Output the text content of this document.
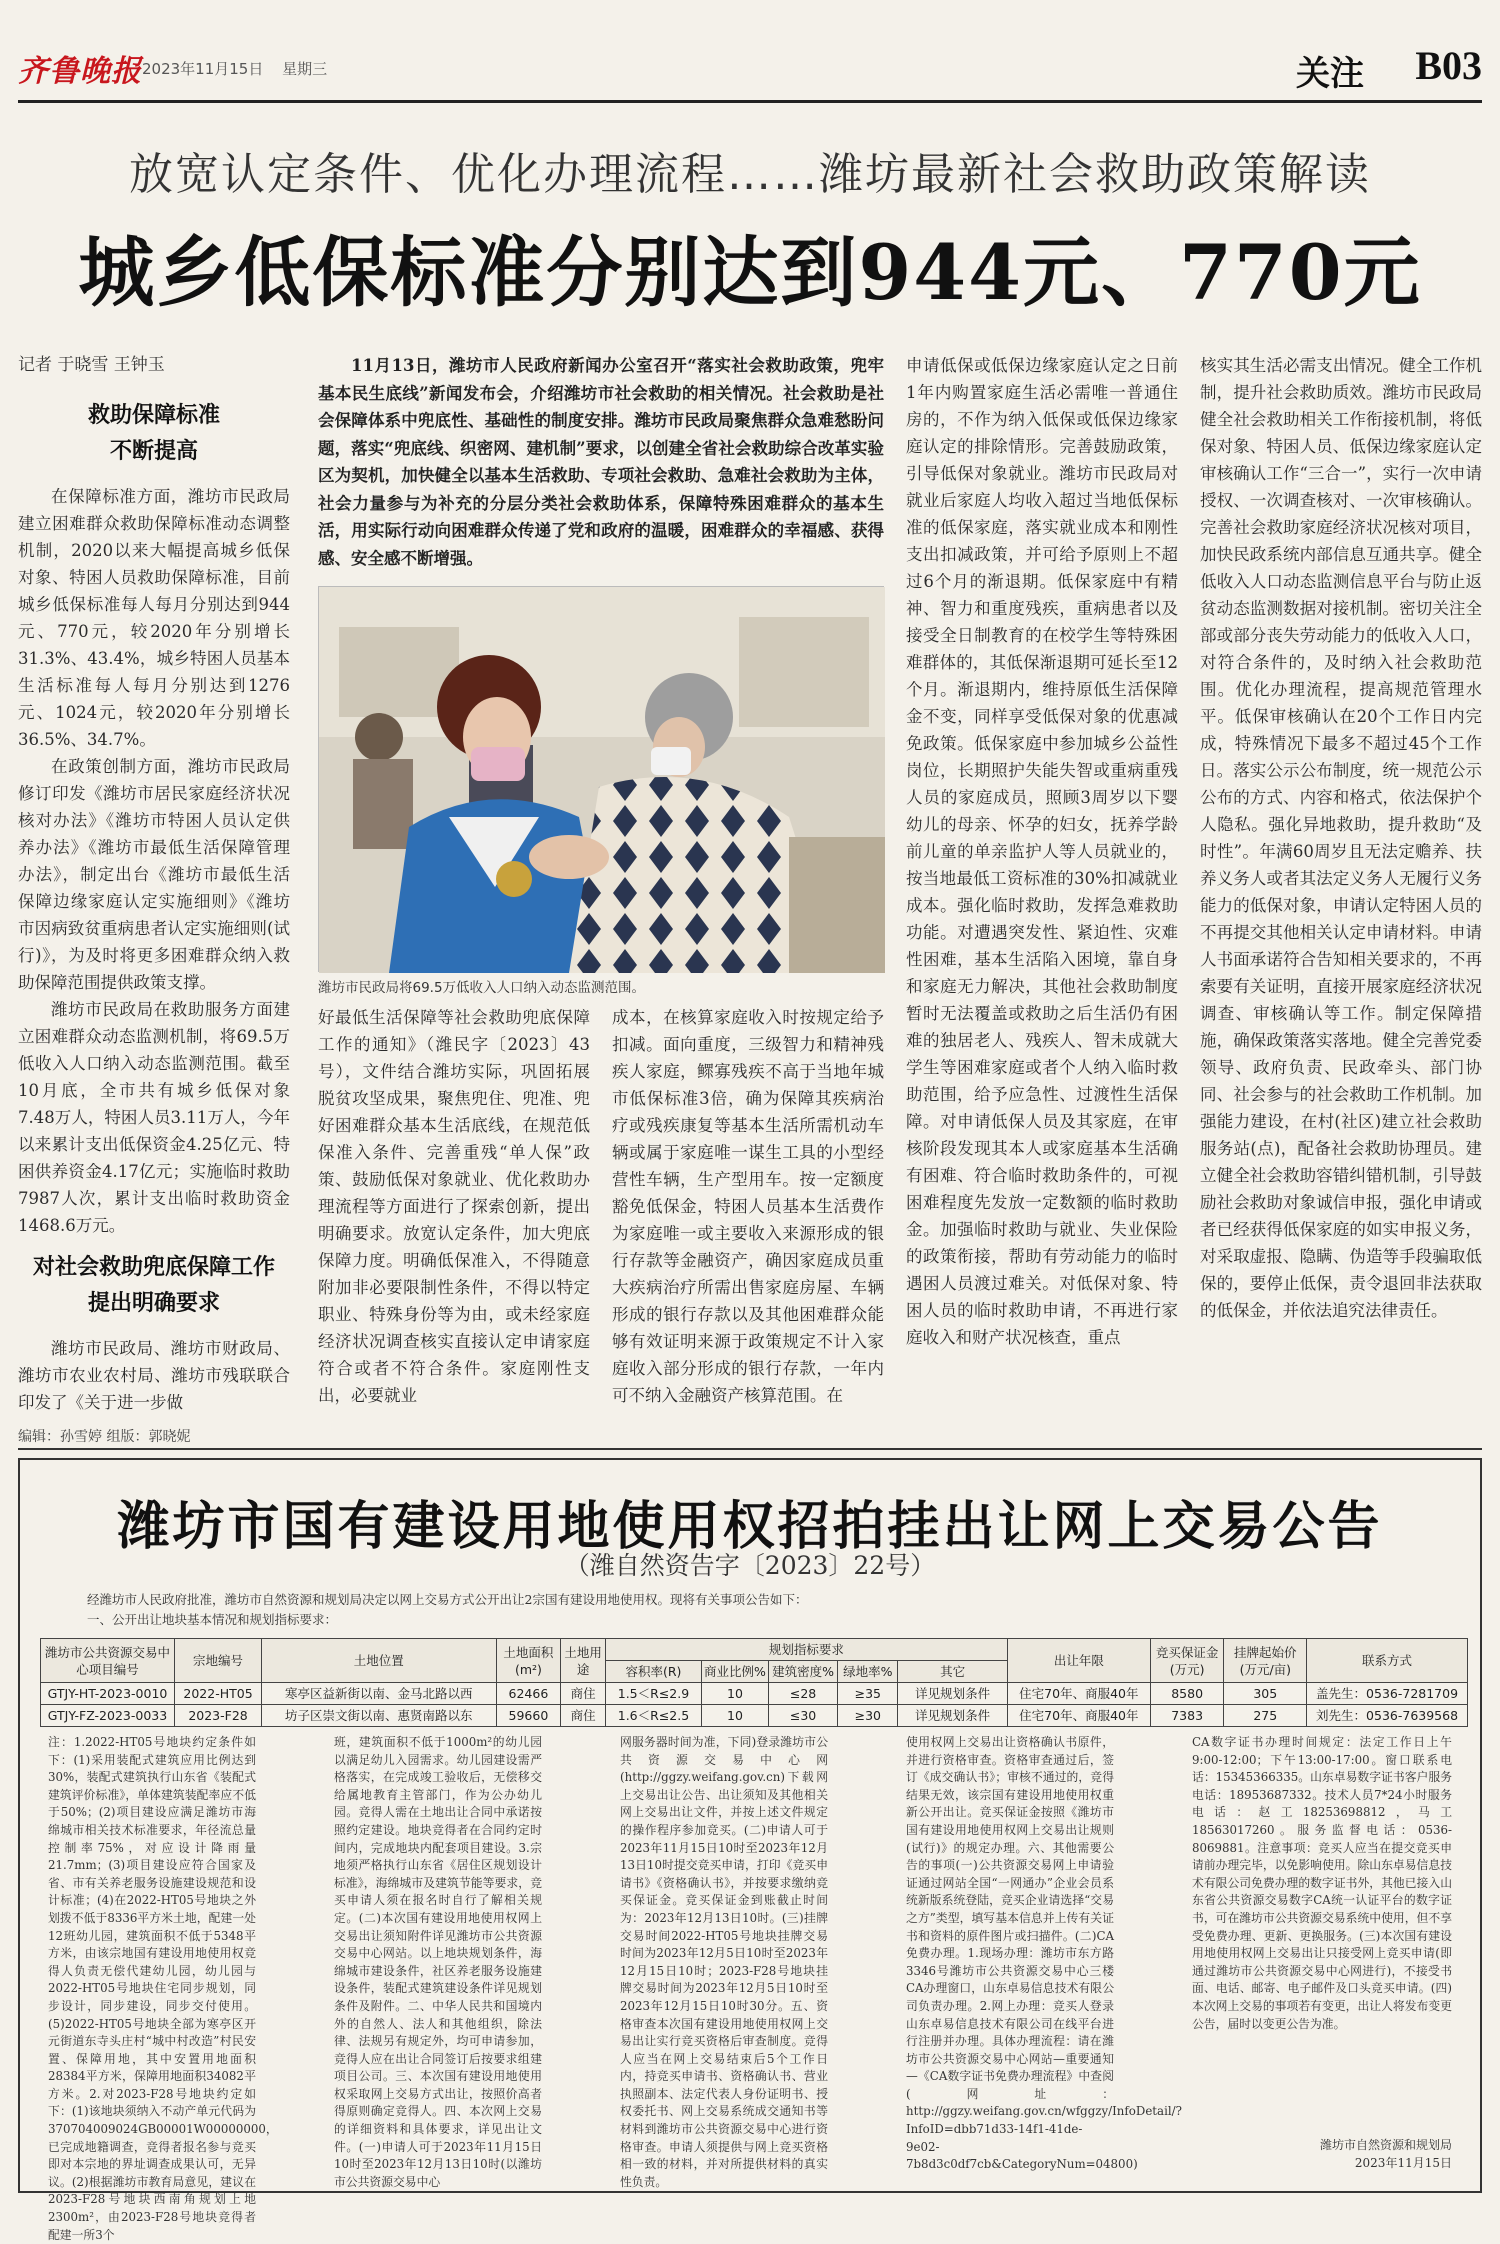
齐鲁晚报 2023年11月15日 星期三	关注 B03
放宽认定条件、优化办理流程……潍坊最新社会救助政策解读
城乡低保标准分别达到944元、770元

记者 于晓雪 王钟玉

救助保障标准
不断提高

在保障标准方面，潍坊市民政局建立困难群众救助保障标准动态调整机制，2020以来大幅提高城乡低保对象、特困人员救助保障标准，目前城乡低保标准每人每月分别达到944元、770元，较2020年分别增长31.3%、43.4%，城乡特困人员基本生活标准每人每月分别达到1276元、1024元，较2020年分别增长36.5%、34.7%。

在政策创制方面，潍坊市民政局修订印发《潍坊市居民家庭经济状况核对办法》《潍坊市特困人员认定供养办法》《潍坊市最低生活保障管理办法》，制定出台《潍坊市最低生活保障边缘家庭认定实施细则》《潍坊市因病致贫重病患者认定实施细则(试行)》，为及时将更多困难群众纳入救助保障范围提供政策支撑。

潍坊市民政局在救助服务方面建立困难群众动态监测机制，将69.5万低收入人口纳入动态监测范围。截至10月底，全市共有城乡低保对象7.48万人，特困人员3.11万人，今年以来累计支出低保资金4.25亿元、特困供养资金4.17亿元；实施临时救助7987人次，累计支出临时救助资金1468.6万元。

对社会救助兜底保障工作
提出明确要求

潍坊市民政局、潍坊市财政局、潍坊市农业农村局、潍坊市残联联合印发了《关于进一步做

11月13日，潍坊市人民政府新闻办公室召开“落实社会救助政策，兜牢基本民生底线”新闻发布会，介绍潍坊市社会救助的相关情况。社会救助是社会保障体系中兜底性、基础性的制度安排。潍坊市民政局聚焦群众急难愁盼问题，落实“兜底线、织密网、建机制”要求，以创建全省社会救助综合改革实验区为契机，加快健全以基本生活救助、专项社会救助、急难社会救助为主体，社会力量参与为补充的分层分类社会救助体系，保障特殊困难群众的基本生活，用实际行动向困难群众传递了党和政府的温暖，困难群众的幸福感、获得感、安全感不断增强。

潍坊市民政局将69.5万低收入人口纳入动态监测范围。

好最低生活保障等社会救助兜底保障工作的通知》（潍民字〔2023〕43号），文件结合潍坊实际，巩固拓展脱贫攻坚成果，聚焦兜住、兜准、兜好困难群众基本生活底线，在规范低保准入条件、完善重残“单人保”政策、鼓励低保对象就业、优化救助办理流程等方面进行了探索创新，提出明确要求。放宽认定条件，加大兜底保障力度。明确低保准入，不得随意附加非必要限制性条件，不得以特定职业、特殊身份等为由，或未经家庭经济状况调查核实直接认定申请家庭符合或者不符合条件。家庭刚性支出，必要就业

成本，在核算家庭收入时按规定给予扣减。面向重度，三级智力和精神残疾人家庭，鳏寡残疾不高于当地年城市低保标准3倍，确为保障其疾病治疗或残疾康复等基本生活所需机动车辆或属于家庭唯一谋生工具的小型经营性车辆，生产型用车。按一定额度豁免低保金，特困人员基本生活费作为家庭唯一或主要收入来源形成的银行存款等金融资产，确因家庭成员重大疾病治疗所需出售家庭房屋、车辆形成的银行存款以及其他困难群众能够有效证明来源于政策规定不计入家庭收入部分形成的银行存款，一年内可不纳入金融资产核算范围。在

申请低保或低保边缘家庭认定之日前1年内购置家庭生活必需唯一普通住房的，不作为纳入低保或低保边缘家庭认定的排除情形。完善鼓励政策，引导低保对象就业。潍坊市民政局对就业后家庭人均收入超过当地低保标准的低保家庭，落实就业成本和刚性支出扣减政策，并可给予原则上不超过6个月的渐退期。低保家庭中有精神、智力和重度残疾，重病患者以及接受全日制教育的在校学生等特殊困难群体的，其低保渐退期可延长至12个月。渐退期内，维持原低生活保障金不变，同样享受低保对象的优惠减免政策。低保家庭中参加城乡公益性岗位，长期照护失能失智或重病重残人员的家庭成员，照顾3周岁以下婴幼儿的母亲、怀孕的妇女，抚养学龄前儿童的单亲监护人等人员就业的，按当地最低工资标准的30%扣减就业成本。强化临时救助，发挥急难救助功能。对遭遇突发性、紧迫性、灾难性困难，基本生活陷入困境，靠自身和家庭无力解决，其他社会救助制度暂时无法覆盖或救助之后生活仍有困难的独居老人、残疾人、智未成就大学生等困难家庭或者个人纳入临时救助范围，给予应急性、过渡性生活保障。对申请低保人员及其家庭，在审核阶段发现其本人或家庭基本生活确有困难、符合临时救助条件的，可视困难程度先发放一定数额的临时救助金。加强临时救助与就业、失业保险的政策衔接，帮助有劳动能力的临时遇困人员渡过难关。对低保对象、特困人员的临时救助申请，不再进行家庭收入和财产状况核查，重点

核实其生活必需支出情况。健全工作机制，提升社会救助质效。潍坊市民政局健全社会救助相关工作衔接机制，将低保对象、特困人员、低保边缘家庭认定审核确认工作“三合一”，实行一次申请授权、一次调查核对、一次审核确认。完善社会救助家庭经济状况核对项目，加快民政系统内部信息互通共享。健全低收入人口动态监测信息平台与防止返贫动态监测数据对接机制。密切关注全部或部分丧失劳动能力的低收入人口，对符合条件的，及时纳入社会救助范围。优化办理流程，提高规范管理水平。低保审核确认在20个工作日内完成，特殊情况下最多不超过45个工作日。落实公示公布制度，统一规范公示公布的方式、内容和格式，依法保护个人隐私。强化异地救助，提升救助“及时性”。年满60周岁且无法定赡养、扶养义务人或者其法定义务人无履行义务能力的低保对象，申请认定特困人员的不再提交其他相关认定申请材料。申请人书面承诺符合告知相关要求的，不再索要有关证明，直接开展家庭经济状况调查、审核确认等工作。制定保障措施，确保政策落实落地。健全完善党委领导、政府负责、民政牵头、部门协同、社会参与的社会救助工作机制。加强能力建设，在村(社区)建立社会救助服务站(点)，配备社会救助协理员。建立健全社会救助容错纠错机制，引导鼓励社会救助对象诚信申报，强化申请或者已经获得低保家庭的如实申报义务，对采取虚报、隐瞒、伪造等手段骗取低保的，要停止低保，责令退回非法获取的低保金，并依法追究法律责任。

编辑：孙雪婷 组版：郭晓妮
潍坊市国有建设用地使用权招拍挂出让网上交易公告
（潍自然资告字〔2023〕22号）
经潍坊市人民政府批准，潍坊市自然资源和规划局决定以网上交易方式公开出让2宗国有建设用地使用权。现将有关事项公告如下：
一、公开出让地块基本情况和规划指标要求：
潍坊市公共资源交易中心项目编号	宗地编号	土地位置	土地面积(m²)	土地用途	规划指标要求					出让年限	竞买保证金(万元)	挂牌起始价(万元/亩)	联系方式
					容积率(R)	商业比例%	建筑密度%	绿地率%	其它				
GTJY-HT-2023-0010	2022-HT05	寒亭区益新街以南、金马北路以西	62466	商住	1.5＜R≤2.9	10	≤28	≥35	详见规划条件	住宅70年、商服40年	8580	305	盖先生：0536-7281709
GTJY-FZ-2023-0033	2023-F28	坊子区崇文街以南、惠贤南路以东	59660	商住	1.6＜R≤2.5	10	≤30	≥30	详见规划条件	住宅70年、商服40年	7383	275	刘先生：0536-7639568

注：1.2022-HT05号地块约定条件如下：(1)采用装配式建筑应用比例达到30%，装配式建筑执行山东省《装配式建筑评价标准》，单体建筑装配率应不低于50%；(2)项目建设应满足潍坊市海绵城市相关技术标准要求，年径流总量控制率75%，对应设计降雨量21.7mm；(3)项目建设应符合国家及省、市有关养老服务设施建设规范和设计标准；(4)在2022-HT05号地块之外划拨不低于8336平方米土地，配建一处12班幼儿园，建筑面积不低于5348平方米，由该宗地国有建设用地使用权竞得人负责无偿代建幼儿园，幼儿园与2022-HT05号地块住宅同步规划，同步设计，同步建设，同步交付使用。(5)2022-HT05号地块全部为寒亭区开元街道东寺头庄村“城中村改造”村民安置、保障用地，其中安置用地面积28384平方米，保障用地面积34082平方米。2.对2023-F28号地块约定如下：(1)该地块须纳入不动产单元代码为370704009024GB00001W00000000，已完成地籍调查，竞得者报名参与竞买即对本宗地的界址调查成果认可，无异议。(2)根据潍坊市教育局意见，建议在2023-F28号地块西南角规划上地2300m²，由2023-F28号地块竞得者配建一所3个

班，建筑面积不低于1000m²的幼儿园以满足幼儿入园需求。幼儿园建设需严格落实，在完成竣工验收后，无偿移交给属地教育主管部门，作为公办幼儿园。竞得人需在土地出让合同中承诺按照约定建设。地块竞得者在合同约定时间内，完成地块内配套项目建设。3.宗地须严格执行山东省《居住区规划设计标准》，海绵城市及建筑节能等要求，竞买申请人须在报名时自行了解相关规定。(二)本次国有建设用地使用权网上交易出让须知附件详见潍坊市公共资源交易中心网站。以上地块规划条件，海绵城市建设条件，社区养老服务设施建设条件，装配式建筑建设条件详见规划条件及附件。二、中华人民共和国境内外的自然人、法人和其他组织，除法律、法规另有规定外，均可申请参加，竞得人应在出让合同签订后按要求组建项目公司。三、本次国有建设用地使用权采取网上交易方式出让，按照价高者得原则确定竞得人。四、本次网上交易的详细资料和具体要求，详见出让文件。(一)申请人可于2023年11月15日10时至2023年12月13日10时(以潍坊市公共资源交易中心

网服务器时间为准，下同)登录潍坊市公共资源交易中心网(http://ggzy.weifang.gov.cn)下载网上交易出让公告、出让须知及其他相关网上交易出让文件，并按上述文件规定的操作程序参加竞买。(二)申请人可于2023年11月15日10时至2023年12月13日10时提交竞买申请，打印《竞买申请书》《资格确认书》，并按要求缴纳竞买保证金。竞买保证金到账截止时间为：2023年12月13日10时。(三)挂牌交易时间2022-HT05号地块挂牌交易时间为2023年12月5日10时至2023年12月15日10时；2023-F28号地块挂牌交易时间为2023年12月5日10时至2023年12月15日10时30分。五、资格审查本次国有建设用地使用权网上交易出让实行竞买资格后审查制度。竞得人应当在网上交易结束后5个工作日内，持竞买申请书、资格确认书、营业执照副本、法定代表人身份证明书、授权委托书、网上交易系统成交通知书等材料到潍坊市公共资源交易中心进行资格审查。申请人须提供与网上竞买资格相一致的材料，并对所提供材料的真实性负责。

使用权网上交易出让资格确认书原件，并进行资格审查。资格审查通过后，签订《成交确认书》；审核不通过的，竞得结果无效，该宗国有建设用地使用权重新公开出让。竞买保证金按照《潍坊市国有建设用地使用权网上交易出让规则(试行)》的规定办理。六、其他需要公告的事项(一)公共资源交易网上申请验证通过网站全国“一网通办”企业会员系统新版系统登陆，竞买企业请选择“交易之方”类型，填写基本信息并上传有关证书和资料的原件图片或扫描件。(二)CA免费办理。1.现场办理：潍坊市东方路3346号潍坊市公共资源交易中心三楼CA办理窗口，山东卓易信息技术有限公司负责办理。2.网上办理：竞买人登录山东卓易信息技术有限公司在线平台进行注册并办理。具体办理流程：请在潍坊市公共资源交易中心网站—重要通知—《CA数字证书免费办理流程》中查阅(网址：http://ggzy.weifang.gov.cn/wfggzy/InfoDetail/?InfoID=dbb71d33-14f1-41de-9e02-7b8d3c0df7cb&CategoryNum=04800)

CA数字证书办理时间规定：法定工作日上午9:00-12:00；下午13:00-17:00。窗口联系电话：15345366335。山东卓易数字证书客户服务电话：18953687332。技术人员7*24小时服务电话：赵工18253698812，马工18563017260。服务监督电话：0536-8069881。注意事项：竞买人应当在提交竞买申请前办理完毕，以免影响使用。除山东卓易信息技术有限公司免费办理的数字证书外，其他已接入山东省公共资源交易数字CA统一认证平台的数字证书，可在潍坊市公共资源交易系统中使用，但不享受免费办理、更新、更换服务。(三)本次国有建设用地使用权网上交易出让只接受网上竞买申请(即通过潍坊市公共资源交易中心网进行)，不接受书面、电话、邮寄、电子邮件及口头竞买申请。(四)本次网上交易的事项若有变更，出让人将发布变更公告，届时以变更公告为准。

潍坊市自然资源和规划局
2023年11月15日
